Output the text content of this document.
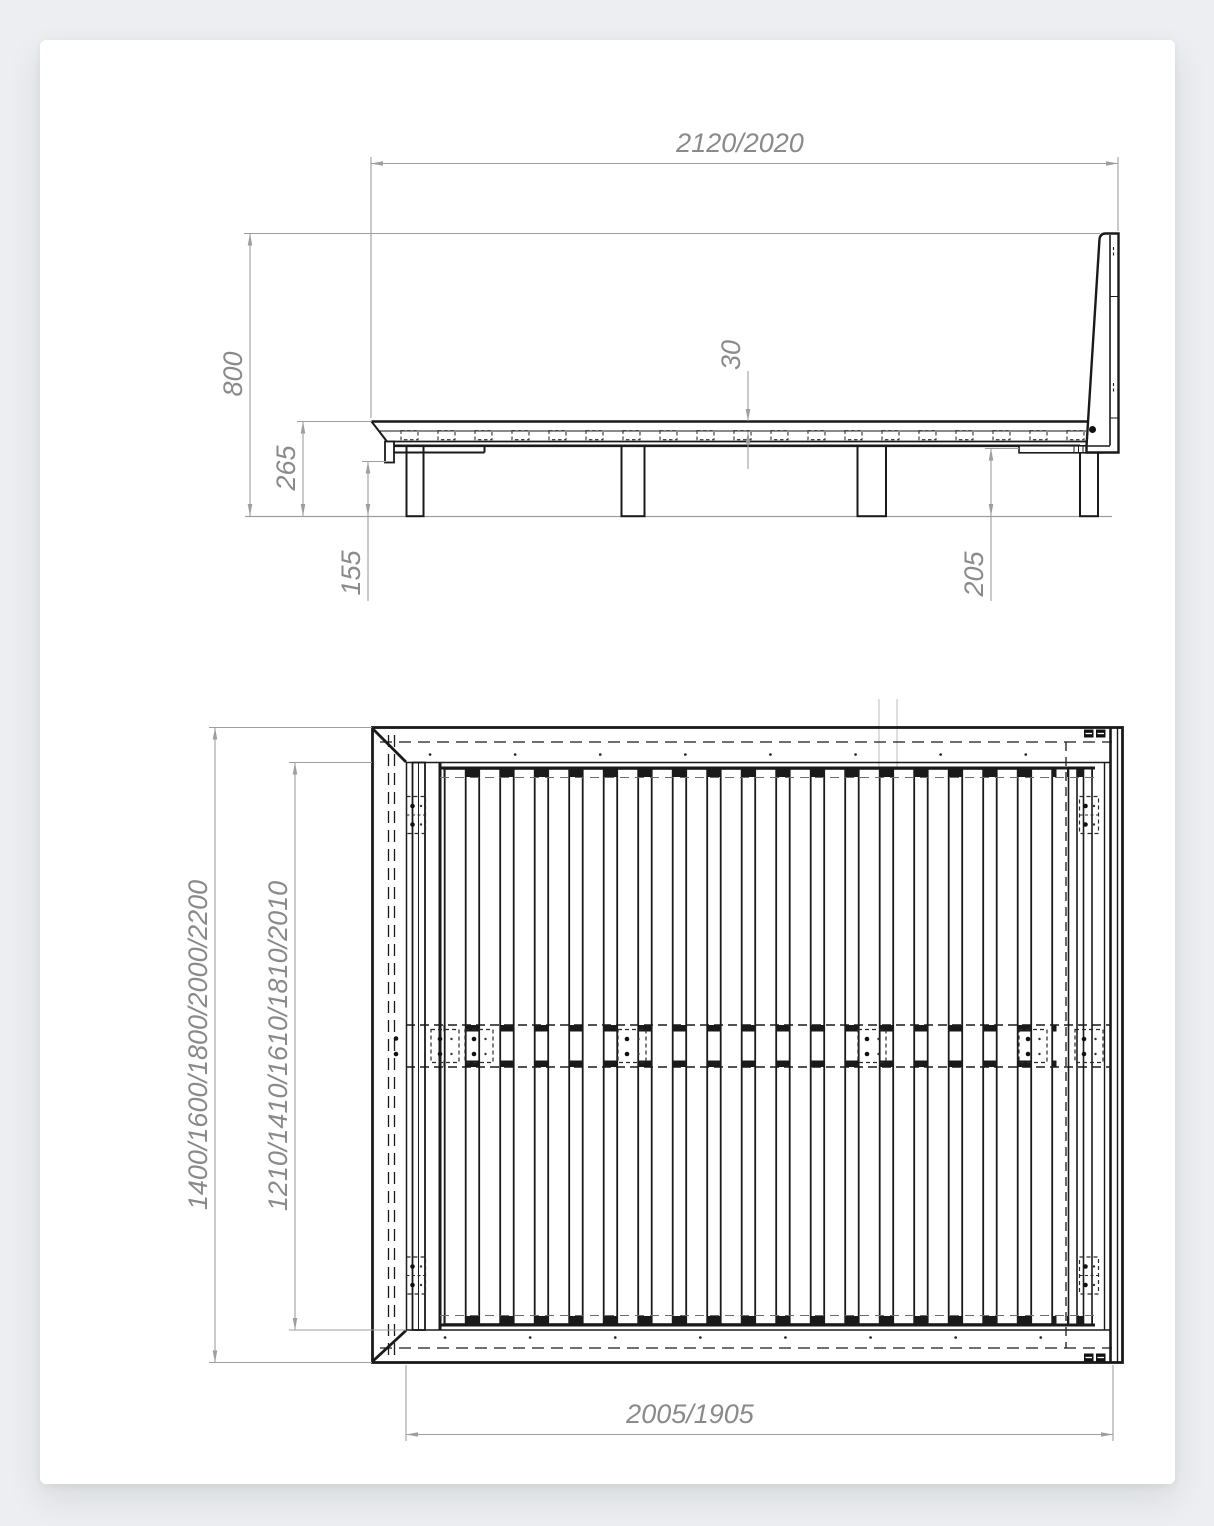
2120/2020
800
265
155
30
205
1400/1600/1800/2000/2200 1210/1410/1610/1810/2010
2005/1905
